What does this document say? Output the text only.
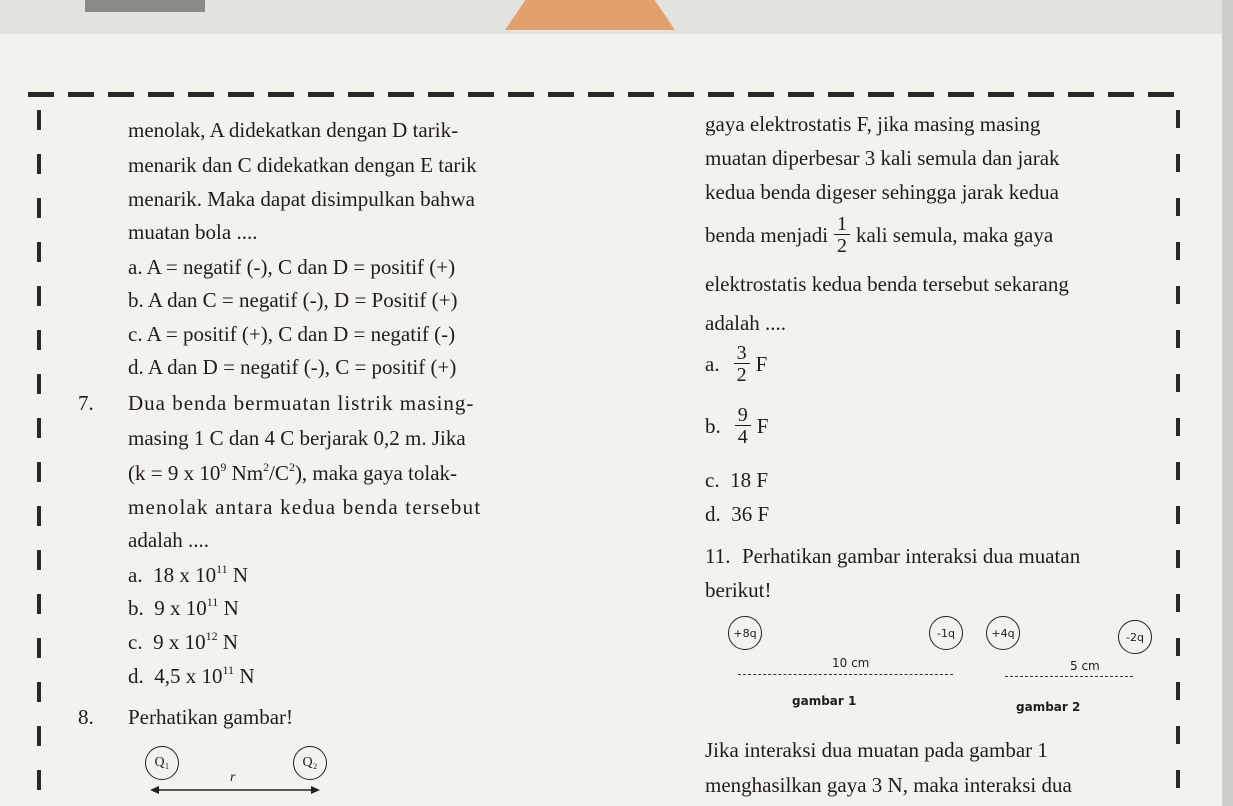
menolak, A didekatkan dengan D tarik-
menarik dan C didekatkan dengan E tarik
menarik. Maka dapat disimpulkan bahwa
muatan bola ....
a. A = negatif (-), C dan D = positif (+)
b. A dan C = negatif (-), D = Positif (+)
c. A = positif (+), C dan D = negatif (-)
d. A dan D = negatif (-), C = positif (+)
7. Dua benda bermuatan listrik masing-
masing 1 C dan 4 C berjarak 0,2 m. Jika
(k = 9 x $10^9$ $Nm^2/C^2$), maka gaya tolak-
menolak antara kedua benda tersebut
adalah ....
a. 18 x $10^{11}$ N
b. 9 x $10^{11}$ N
c. 9 x $10^{12}$ N
d. 4,5 x $10^{11}$ N
8. Perhatikan gambar!
Q₁	Q₂
r
gaya elektrostatis F, jika masing masing
muatan diperbesar 3 kali semula dan jarak
kedua benda digeser sehingga jarak kedua
benda menjadi $\frac{1}{2}$ kali semula, maka gaya
elektrostatis kedua benda tersebut sekarang
adalah ....
a. $\frac{3}{2}$ F
b. $\frac{9}{4}$ F
c. 18 F
d. 36 F
11. Perhatikan gambar interaksi dua muatan
berikut!
+8q	-1q
10 cm
gambar 1
+4q	-2q
5 cm
gambar 2
Jika interaksi dua muatan pada gambar 1
menghasilkan gaya 3 N, maka interaksi dua
